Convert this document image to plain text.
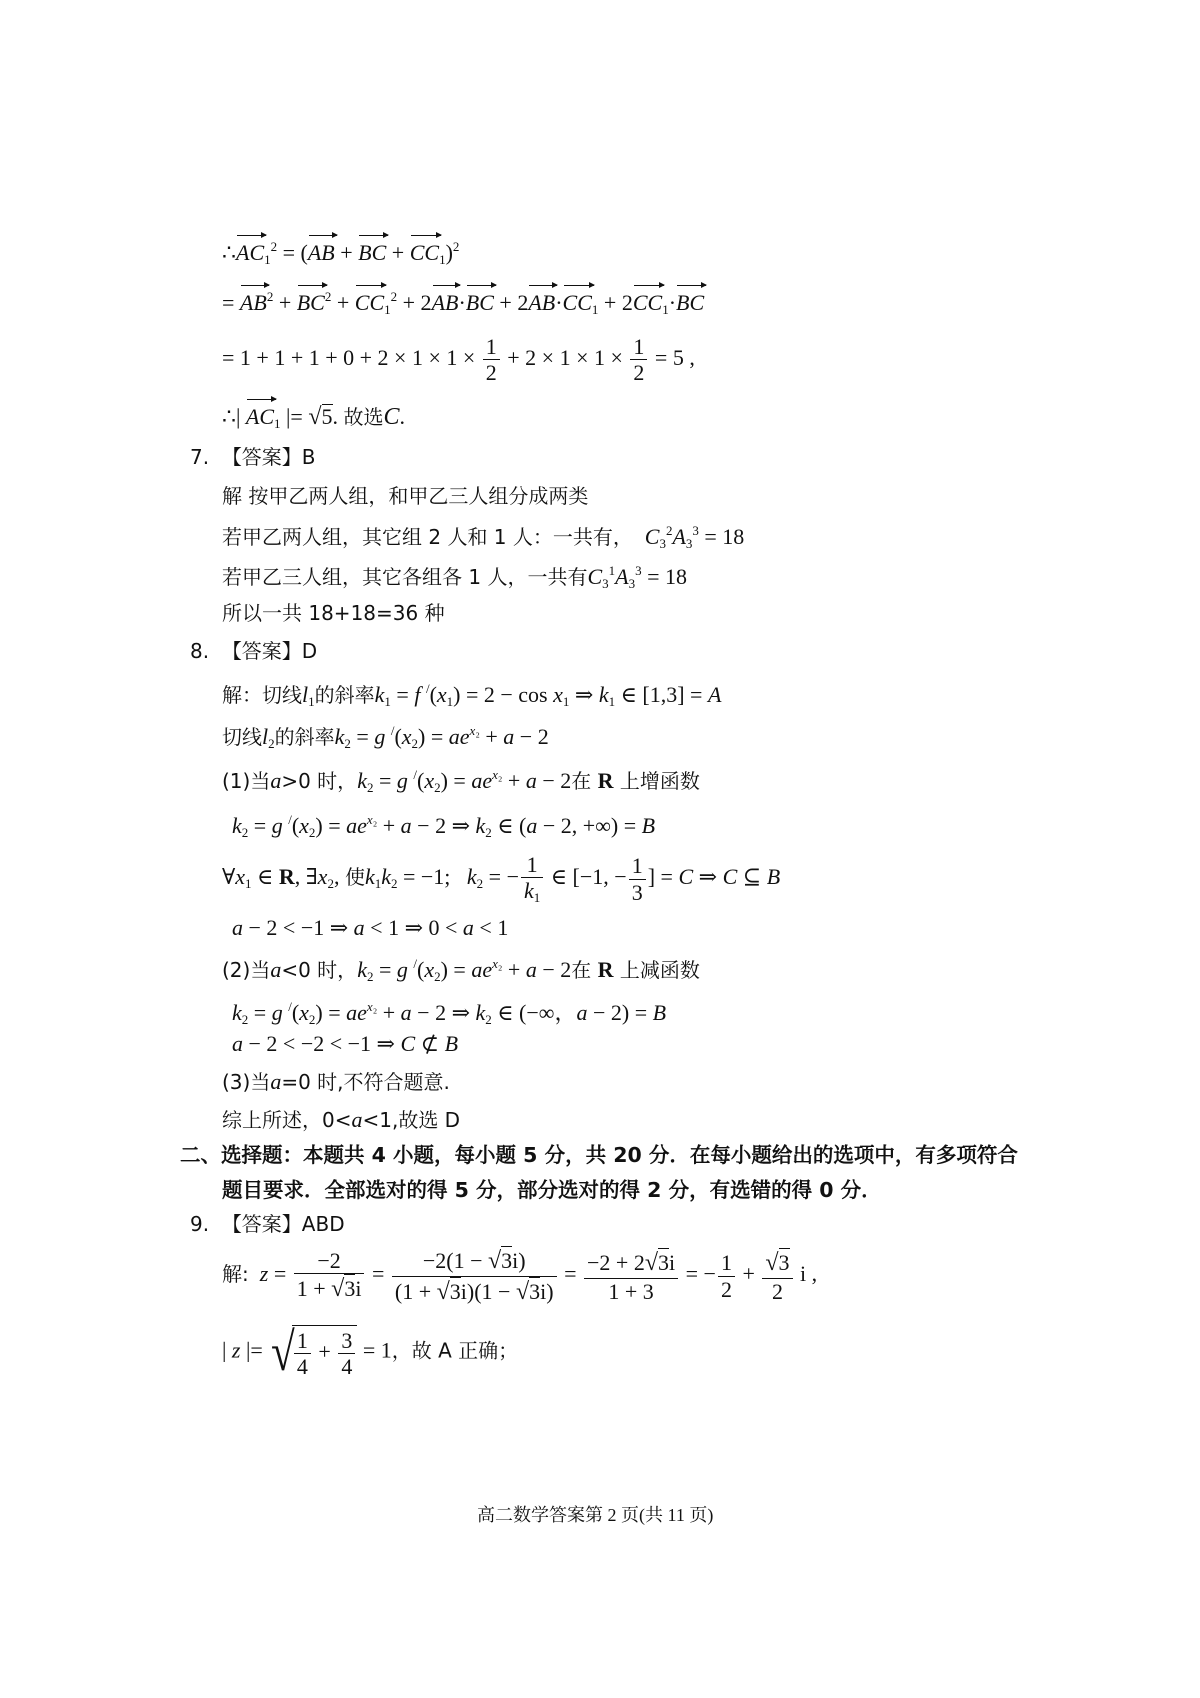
$\therefore AC_1^2 = (AB$ + BC + $CC_1)^2$
= $AB^2 + BC^2 + CC_1^2 + 2AB\cdot BC + 2AB\cdot CC_1 + 2CC_1\cdot BC$
= $1 + 1 + 1 + 0 + 2 \times 1 \times 1 \times \frac{1}{2} + 2 \times 1 \times 1 \times \frac{1}{2} = 5$ ,
∴| $AC_1$ |= √5. 故选C.
7. 【答案】B
解 按甲乙两人组，和甲乙三人组分成两类
若甲乙两人组，其它组 2 人和 1 人：一共有， $C_3^2A_3^3 = 18$
若甲乙三人组，其它各组各 1 人，一共有$C_3^1A_3^3 = 18$
所以一共 18+18=36 种
8. 【答案】D
解：切线$l_1$的斜率$k_1 = f$ $^/(x_1) = 2 - \cos x_1$ ⇒ $k_1$ ∈ [1,3] = A
切线$l_2$的斜率$k_2 = g$ $^/(x_2) = ae^{x_2} + a - 2$
(1)当a>0 时，$k_2 = g$ $^/(x_2) = ae^{x_2} + a - 2$在 R 上增函数
$k_2 = g$ $^/(x_2) = ae^{x_2} + a - 2$ ⇒ $k_2$ ∈ (a − 2, +∞) = B
$\forall x_1$ ∈ R, $\exists x_2$, 使$k_1k_2 = -1$;   $k_2$ = − $\frac{1}{k_1}$ ∈ [−1, − $\frac{1}{3}$ ] = C ⇒ C ⊆ B
a − 2 < −1 ⇒ a < 1 ⇒ 0 < a < 1
(2)当a<0 时，$k_2 = g$ $^/(x_2) = ae^{x_2} + a - 2$在 R 上减函数
$k_2 = g$ $^/(x_2) = ae^{x_2} + a - 2$ ⇒ $k_2$ ∈ (−∞，a − 2) = B
a − 2 < −2 < −1 ⇒ C ⊄ B
(3)当a=0 时,不符合题意.
综上所述，0<a<1,故选 D
二、选择题：本题共 4 小题，每小题 5 分，共 20 分．在每小题给出的选项中，有多项符合
题目要求．全部选对的得 5 分，部分选对的得 2 分，有选错的得 0 分．
9. 【答案】ABD
解: $z = \frac{-2}{1 + √3i} = \frac{-2(1 - √3i)}{(1 + √3i)(1 - √3i)} = \frac{-2 + 2√3i}{1 + 3}$ = − $\frac{1}{2} + \frac{√3}{2}$ i ,
| z |= √
$\frac{1}{4} + \frac{3}{4} = 1$，故 A 正确；
高二数学答案第 2 页(共 11 页)
